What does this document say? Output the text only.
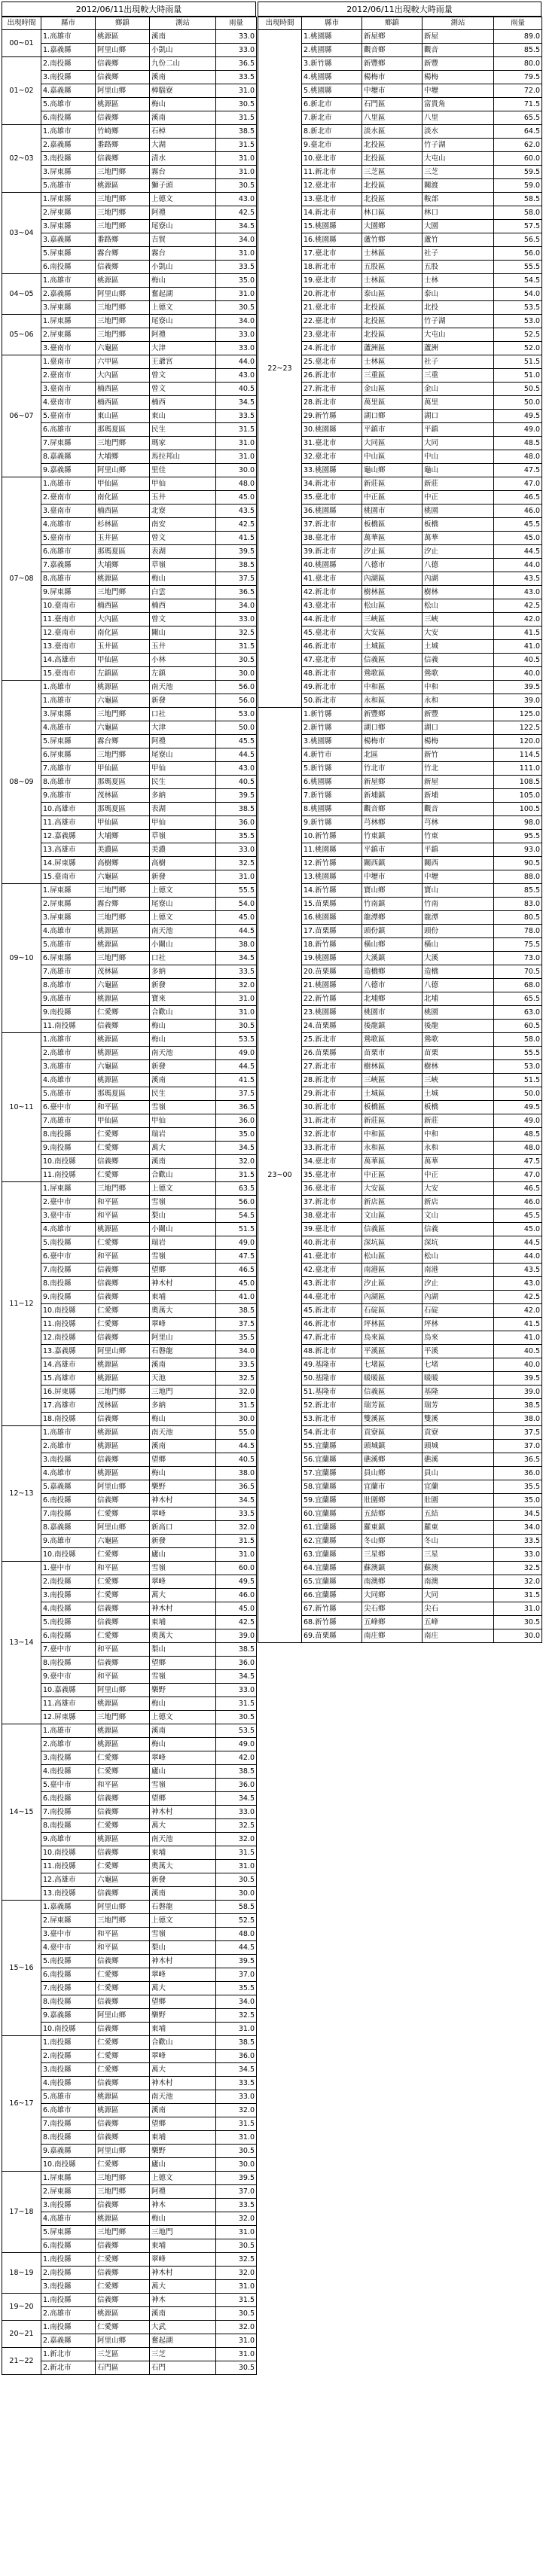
2012/06/11出現較大時雨量
出現時間	縣市	鄉鎮	測站	雨量
00~01	1.高雄市	桃源區	溪南	33.0
	1.嘉義縣	阿里山鄉	小凱山	33.0
01~02	2.南投縣	信義鄉	九份二山	36.5
	3.南投縣	信義鄉	溪南	33.5
	4.嘉義縣	阿里山鄉	樟腦寮	31.0
	5.高雄市	桃源區	梅山	30.5
	6.南投縣	信義鄉	溪南	31.5
02~03	1.高雄市	竹崎鄉	石棹	38.5
	2.嘉義縣	番路鄉	大湖	31.5
	3.南投縣	信義鄉	清水	31.0
	3.屏東縣	三地門鄉	霧台	31.0
	5.高雄市	桃源區	獅子頭	30.5
03~04	1.屏東縣	三地門鄉	上德文	43.0
	2.屏東縣	三地門鄉	阿禮	42.5
	3.屏東縣	三地門鄉	尾寮山	34.5
	3.嘉義縣	番路鄉	吉貿	34.0
	5.屏東縣	霧台鄉	霧台	31.0
	6.南投縣	信義鄉	小凱山	33.5
04~05	1.高雄市	桃源區	梅山	35.0
	2.嘉義縣	阿里山鄉	奮起湖	31.0
	3.屏東縣	三地門鄉	上德文	30.5
05~06	1.屏東縣	三地門鄉	尾寮山	34.0
	2.屏東縣	三地門鄉	阿禮	33.0
	3.臺南市	六龜區	大津	33.0
06~07	1.臺南市	六甲區	王爺宮	44.0
	2.臺南市	大內區	曾文	43.0
	3.臺南市	楠西區	曾文	40.5
	4.臺南市	楠西區	楠西	34.5
	5.臺南市	東山區	東山	33.5
	6.高雄市	那瑪夏區	民生	31.5
	7.屏東縣	三地門鄉	瑪家	31.0
	8.嘉義縣	大埔鄉	馬拉邦山	31.0
	9.嘉義縣	阿里山鄉	里佳	30.0
07~08	1.高雄市	甲仙區	甲仙	48.0
	2.臺南市	南化區	玉井	45.0
	3.臺南市	楠西區	北寮	43.5
	4.高雄市	杉林區	南安	42.5
	5.臺南市	玉井區	曾文	41.5
	6.高雄市	那瑪夏區	表湖	39.5
	7.嘉義縣	大埔鄉	草嶺	38.5
	8.高雄市	桃源區	梅山	37.5
	9.屏東縣	三地門鄉	白雲	36.5
	10.臺南市	楠西區	楠西	34.0
	11.臺南市	大內區	曾文	33.0
	12.臺南市	南化區	關山	32.5
	13.臺南市	玉井區	玉井	31.5
	14.高雄市	甲仙區	小林	30.5
	15.臺南市	左鎮區	左鎮	30.0
08~09	1.高雄市	桃源區	南天池	56.0
	1.高雄市	六龜區	新發	56.0
	3.屏東縣	三地門鄉	口社	53.0
	4.高雄市	六龜區	大津	50.0
	5.屏東縣	霧台鄉	阿禮	45.5
	6.屏東縣	三地門鄉	尾寮山	44.5
	7.高雄市	甲仙區	甲仙	43.0
	8.高雄市	那瑪夏區	民生	40.5
	9.高雄市	茂林區	多納	39.5
	10.高雄市	那瑪夏區	表湖	38.5
	11.高雄市	甲仙區	甲仙	36.0
	12.嘉義縣	大埔鄉	草嶺	35.5
	13.高雄市	美濃區	美濃	33.0
	14.屏東縣	高樹鄉	高樹	32.5
	15.臺南市	六龜區	新發	31.0
09~10	1.屏東縣	三地門鄉	上德文	55.5
	2.屏東縣	霧台鄉	尾寮山	54.0
	3.屏東縣	三地門鄉	上德文	45.0
	4.高雄市	桃源區	南天池	44.5
	5.高雄市	桃源區	小關山	38.0
	6.屏東縣	三地門鄉	口社	34.5
	7.高雄市	茂林區	多納	33.5
	8.高雄市	六龜區	新發	32.0
	9.高雄市	桃源區	寶來	31.0
	9.南投縣	仁愛鄉	合歡山	31.0
	11.南投縣	信義鄉	梅山	30.5
10~11	1.高雄市	桃源區	梅山	53.5
	2.高雄市	桃源區	南天池	49.0
	3.高雄市	六龜區	新發	44.5
	4.高雄市	桃源區	溪南	41.5
	5.高雄市	那瑪夏區	民生	37.5
	6.臺中市	和平區	雪嶺	36.5
	7.高雄市	甲仙區	甲仙	36.0
	8.南投縣	仁愛鄉	瑞岩	35.0
	9.南投縣	仁愛鄉	萬大	34.5
	10.南投縣	信義鄉	溪南	32.0
	11.南投縣	仁愛鄉	合歡山	31.5
11~12	1.屏東縣	三地門鄉	上德文	63.5
	2.臺中市	和平區	雪嶺	56.0
	3.臺中市	和平區	梨山	54.5
	4.高雄市	桃源區	小關山	51.5
	5.南投縣	仁愛鄉	瑞岩	49.0
	6.臺中市	和平區	雪嶺	47.5
	7.南投縣	信義鄉	望鄉	46.5
	8.南投縣	信義鄉	神木村	45.0
	9.南投縣	信義鄉	東埔	41.0
	10.南投縣	仁愛鄉	奧萬大	38.5
	11.南投縣	仁愛鄉	翠峰	37.5
	12.南投縣	信義鄉	阿里山	35.5
	13.嘉義縣	阿里山鄉	石磐龍	34.0
	14.高雄市	桃源區	溪南	33.5
	15.高雄市	桃源區	天池	32.5
	16.屏東縣	三地門鄉	三地門	32.0
	17.高雄市	茂林區	多納	31.5
	18.南投縣	信義鄉	梅山	30.0
12~13	1.高雄市	桃源區	南天池	55.0
	2.高雄市	桃源區	溪南	44.5
	3.南投縣	信義鄉	望鄉	40.5
	4.高雄市	桃源區	梅山	38.0
	5.嘉義縣	阿里山鄉	樂野	36.5
	6.南投縣	信義鄉	神木村	34.5
	7.南投縣	仁愛鄉	翠峰	33.5
	8.嘉義縣	阿里山鄉	新高口	32.0
	9.高雄市	六龜區	新發	31.5
	10.南投縣	仁愛鄉	廬山	31.0
13~14	1.臺中市	和平區	雪嶺	60.0
	2.南投縣	仁愛鄉	翠峰	49.5
	3.南投縣	仁愛鄉	萬大	46.0
	4.南投縣	信義鄉	神木村	45.0
	5.南投縣	信義鄉	東埔	42.5
	6.南投縣	仁愛鄉	奧萬大	39.0
	7.臺中市	和平區	梨山	38.5
	8.南投縣	信義鄉	望鄉	36.0
	9.臺中市	和平區	雪嶺	34.5
	10.嘉義縣	阿里山鄉	樂野	33.0
	11.高雄市	桃源區	梅山	31.5
	12.屏東縣	三地門鄉	上德文	30.5
14~15	1.高雄市	桃源區	溪南	53.5
	2.高雄市	桃源區	梅山	49.0
	3.南投縣	仁愛鄉	翠峰	42.0
	4.南投縣	仁愛鄉	廬山	38.5
	5.臺中市	和平區	雪嶺	36.0
	6.南投縣	信義鄉	望鄉	34.5
	7.南投縣	信義鄉	神木村	33.0
	8.南投縣	仁愛鄉	萬大	32.5
	9.高雄市	桃源區	南天池	32.0
	10.南投縣	信義鄉	東埔	31.5
	11.南投縣	仁愛鄉	奧萬大	31.0
	12.高雄市	六龜區	新發	30.5
	13.南投縣	信義鄉	溪南	30.0
15~16	1.嘉義縣	阿里山鄉	石磐龍	58.5
	2.屏東縣	三地門鄉	上德文	52.5
	3.臺中市	和平區	雪嶺	48.0
	4.臺中市	和平區	梨山	44.5
	5.南投縣	信義鄉	神木村	39.5
	6.南投縣	仁愛鄉	翠峰	37.0
	7.南投縣	仁愛鄉	萬大	35.5
	8.南投縣	信義鄉	望鄉	34.0
	9.嘉義縣	阿里山鄉	樂野	32.5
	10.南投縣	信義鄉	東埔	31.0
16~17	1.南投縣	仁愛鄉	合歡山	38.5
	2.南投縣	仁愛鄉	翠峰	36.0
	3.南投縣	仁愛鄉	萬大	34.5
	4.南投縣	信義鄉	神木村	33.5
	5.高雄市	桃源區	南天池	33.0
	6.高雄市	桃源區	溪南	32.0
	7.南投縣	信義鄉	望鄉	31.5
	8.南投縣	信義鄉	東埔	31.0
	9.嘉義縣	阿里山鄉	樂野	30.5
	10.南投縣	仁愛鄉	廬山	30.0
17~18	1.屏東縣	三地門鄉	上德文	39.5
	2.屏東縣	三地門鄉	阿禮	37.0
	3.南投縣	信義鄉	神木	33.5
	4.高雄市	桃源區	梅山	32.0
	5.屏東縣	三地門鄉	三地門	31.0
	6.南投縣	信義鄉	東埔	30.5
18~19	1.南投縣	仁愛鄉	翠峰	32.5
	2.南投縣	信義鄉	神木村	32.0
	3.南投縣	仁愛鄉	萬大	31.0
19~20	1.南投縣	信義鄉	神木	31.5
	2.高雄市	桃源區	溪南	30.5
20~21	1.南投縣	仁愛鄉	大武	32.0
	2.嘉義縣	阿里山鄉	奮起湖	31.0
21~22	1.新北市	三芝區	三芝	31.0
	2.新北市	石門區	石門	30.5
2012/06/11出現較大時雨量
出現時間	縣市	鄉鎮	測站	雨量
22~23	1.桃園縣	新屋鄉	新屋	89.0
	2.桃園縣	觀音鄉	觀音	85.5
	3.新竹縣	新豐鄉	新豐	80.0
	4.桃園縣	楊梅市	楊梅	79.5
	5.桃園縣	中壢市	中壢	72.0
	6.新北市	石門區	富貴角	71.5
	7.新北市	八里區	八里	65.5
	8.新北市	淡水區	淡水	64.5
	9.臺北市	北投區	竹子湖	62.0
	10.臺北市	北投區	大屯山	60.0
	11.新北市	三芝區	三芝	59.5
	12.臺北市	北投區	關渡	59.0
	13.臺北市	北投區	鞍部	58.5
	14.新北市	林口區	林口	58.0
	15.桃園縣	大園鄉	大園	57.5
	16.桃園縣	蘆竹鄉	蘆竹	56.5
	17.臺北市	士林區	社子	56.0
	18.新北市	五股區	五股	55.5
	19.臺北市	士林區	士林	54.5
	20.新北市	泰山區	泰山	54.0
	21.臺北市	北投區	北投	53.5
	22.臺北市	北投區	竹子湖	53.0
	23.臺北市	北投區	大屯山	52.5
	24.新北市	蘆洲區	蘆洲	52.0
	25.臺北市	士林區	社子	51.5
	26.新北市	三重區	三重	51.0
	27.新北市	金山區	金山	50.5
	28.新北市	萬里區	萬里	50.0
	29.新竹縣	湖口鄉	湖口	49.5
	30.桃園縣	平鎮市	平鎮	49.0
	31.臺北市	大同區	大同	48.5
	32.臺北市	中山區	中山	48.0
	33.桃園縣	龜山鄉	龜山	47.5
	34.新北市	新莊區	新莊	47.0
	35.臺北市	中正區	中正	46.5
	36.桃園縣	桃園市	桃園	46.0
	37.新北市	板橋區	板橋	45.5
	38.臺北市	萬華區	萬華	45.0
	39.新北市	汐止區	汐止	44.5
	40.桃園縣	八德市	八德	44.0
	41.臺北市	內湖區	內湖	43.5
	42.新北市	樹林區	樹林	43.0
	43.臺北市	松山區	松山	42.5
	44.新北市	三峽區	三峽	42.0
	45.臺北市	大安區	大安	41.5
	46.新北市	土城區	土城	41.0
	47.臺北市	信義區	信義	40.5
	48.新北市	鶯歌區	鶯歌	40.0
	49.新北市	中和區	中和	39.5
	50.新北市	永和區	永和	39.0
23~00	1.新竹縣	新豐鄉	新豐	125.0
	2.新竹縣	湖口鄉	湖口	122.5
	3.桃園縣	楊梅市	楊梅	120.0
	4.新竹市	北區	新竹	114.5
	5.新竹縣	竹北市	竹北	111.0
	6.桃園縣	新屋鄉	新屋	108.5
	7.新竹縣	新埔鎮	新埔	105.0
	8.桃園縣	觀音鄉	觀音	100.5
	9.新竹縣	芎林鄉	芎林	98.0
	10.新竹縣	竹東鎮	竹東	95.5
	11.桃園縣	平鎮市	平鎮	93.0
	12.新竹縣	關西鎮	關西	90.5
	13.桃園縣	中壢市	中壢	88.0
	14.新竹縣	寶山鄉	寶山	85.5
	15.苗栗縣	竹南鎮	竹南	83.0
	16.桃園縣	龍潭鄉	龍潭	80.5
	17.苗栗縣	頭份鎮	頭份	78.0
	18.新竹縣	橫山鄉	橫山	75.5
	19.桃園縣	大溪鎮	大溪	73.0
	20.苗栗縣	造橋鄉	造橋	70.5
	21.桃園縣	八德市	八德	68.0
	22.新竹縣	北埔鄉	北埔	65.5
	23.桃園縣	桃園市	桃園	63.0
	24.苗栗縣	後龍鎮	後龍	60.5
	25.新北市	鶯歌區	鶯歌	58.0
	26.苗栗縣	苗栗市	苗栗	55.5
	27.新北市	樹林區	樹林	53.0
	28.新北市	三峽區	三峽	51.5
	29.新北市	土城區	土城	50.0
	30.新北市	板橋區	板橋	49.5
	31.新北市	新莊區	新莊	49.0
	32.新北市	中和區	中和	48.5
	33.新北市	永和區	永和	48.0
	34.臺北市	萬華區	萬華	47.5
	35.臺北市	中正區	中正	47.0
	36.臺北市	大安區	大安	46.5
	37.新北市	新店區	新店	46.0
	38.臺北市	文山區	文山	45.5
	39.臺北市	信義區	信義	45.0
	40.新北市	深坑區	深坑	44.5
	41.臺北市	松山區	松山	44.0
	42.臺北市	南港區	南港	43.5
	43.新北市	汐止區	汐止	43.0
	44.臺北市	內湖區	內湖	42.5
	45.新北市	石碇區	石碇	42.0
	46.新北市	坪林區	坪林	41.5
	47.新北市	烏來區	烏來	41.0
	48.新北市	平溪區	平溪	40.5
	49.基隆市	七堵區	七堵	40.0
	50.基隆市	暖暖區	暖暖	39.5
	51.基隆市	信義區	基隆	39.0
	52.新北市	瑞芳區	瑞芳	38.5
	53.新北市	雙溪區	雙溪	38.0
	54.新北市	貢寮區	貢寮	37.5
	55.宜蘭縣	頭城鎮	頭城	37.0
	56.宜蘭縣	礁溪鄉	礁溪	36.5
	57.宜蘭縣	員山鄉	員山	36.0
	58.宜蘭縣	宜蘭市	宜蘭	35.5
	59.宜蘭縣	壯圍鄉	壯圍	35.0
	60.宜蘭縣	五結鄉	五結	34.5
	61.宜蘭縣	羅東鎮	羅東	34.0
	62.宜蘭縣	冬山鄉	冬山	33.5
	63.宜蘭縣	三星鄉	三星	33.0
	64.宜蘭縣	蘇澳鎮	蘇澳	32.5
	65.宜蘭縣	南澳鄉	南澳	32.0
	66.宜蘭縣	大同鄉	大同	31.5
	67.新竹縣	尖石鄉	尖石	31.0
	68.新竹縣	五峰鄉	五峰	30.5
	69.苗栗縣	南庄鄉	南庄	30.0
